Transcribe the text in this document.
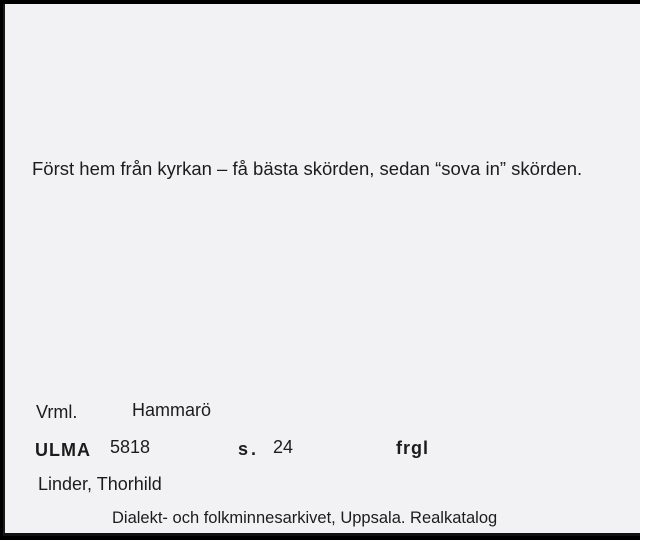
Först hem från kyrkan – få bästa skörden, sedan “sova in” skörden.
Vrml.	Hammarö
ULMA 5818	s. 24	frgl
Linder, Thorhild
Dialekt- och folkminnesarkivet, Uppsala. Realkatalog
